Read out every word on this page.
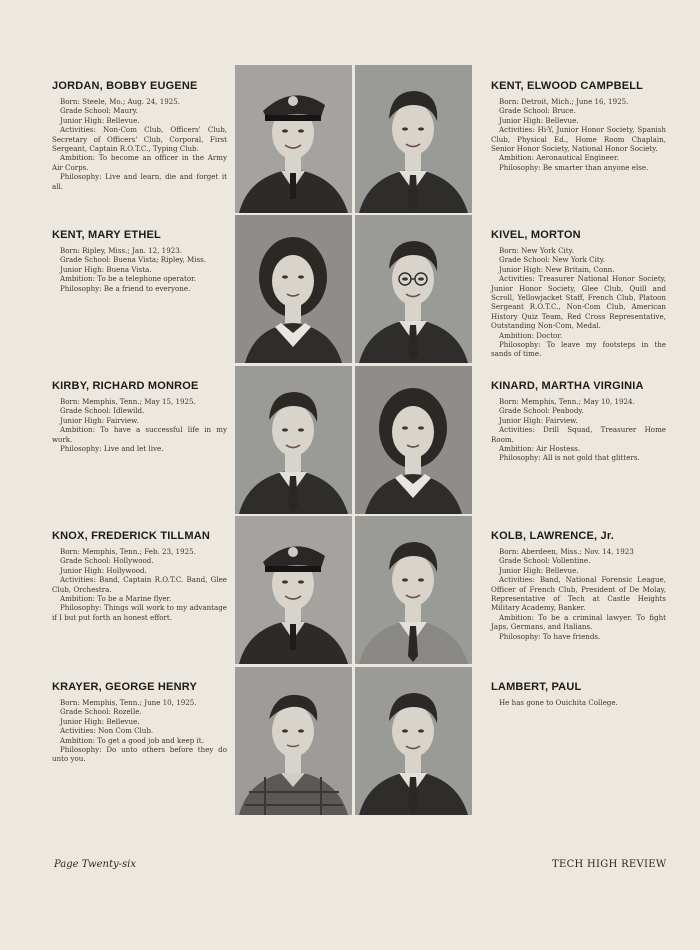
JORDAN, BOBBY EUGENE

Born: Steele, Mo.; Aug. 24, 1925.

Grade School: Maury.

Junior High: Bellevue.

Activities: Non-Com Club, Officers' Club, Secretary of Officers' Club, Corporal, First Sergeant, Captain R.O.T.C., Typing Club.

Ambition: To become an officer in the Army Air Corps.

Philosophy: Live and learn, die and forget it all.

KENT, ELWOOD CAMPBELL

Born: Detroit, Mich.; June 16, 1925.

Grade School: Bruce.

Junior High: Bellevue.

Activities: Hi-Y, Junior Honor Society, Spanish Club, Physical Ed., Home Room Chaplain, Senior Honor Society, National Honor Society.

Ambition: Aeronautical Engineer.

Philosophy: Be smarter than anyone else.

KENT, MARY ETHEL

Born: Ripley, Miss.; Jan. 12, 1923.

Grade School: Buena Vista; Ripley, Miss.

Junior High: Buena Vista.

Ambition: To be a telephone operator.

Philosophy: Be a friend to everyone.

KIVEL, MORTON

Born: New York City.

Grade School: New York City.

Junior High: New Britain, Conn.

Activities: Treasurer National Honor Society, Junior Honor Society, Glee Club, Quill and Scroll, Yellowjacket Staff, French Club, Platoon Sergeant R.O.T.C., Non-Com Club, American History Quiz Team, Red Cross Representative, Outstanding Non-Com, Medal.

Ambition: Doctor.

Philosophy: To leave my footsteps in the sands of time.

KIRBY, RICHARD MONROE

Born: Memphis, Tenn.; May 15, 1925.

Grade School: Idlewild.

Junior High: Fairview.

Ambition: To have a successful life in my work.

Philosophy: Live and let live.

KINARD, MARTHA VIRGINIA

Born: Memphis, Tenn.; May 10, 1924.

Grade School: Peabody.

Junior High: Fairview.

Activities: Drill Squad, Treasurer Home Room.

Ambition: Air Hostess.

Philosophy: All is not gold that glitters.

KNOX, FREDERICK TILLMAN

Born: Memphis, Tenn.; Feb. 23, 1925.

Grade School: Hollywood.

Junior High: Hollywood.

Activities: Band, Captain R.O.T.C. Band, Glee Club, Orchestra.

Ambition: To be a Marine flyer.

Philosophy: Things will work to my advantage if I but put forth an honest effort.

KOLB, LAWRENCE, Jr.

Born: Aberdeen, Miss.; Nov. 14, 1923

Grade School: Vollentine.

Junior High: Bellevue.

Activities: Band, National Forensic League, Officer of French Club, President of De Molay, Representative of Tech at Castle Heights Military Academy, Banker.

Ambition: To be a criminal lawyer. To fight Japs, Germans, and Italians.

Philosophy: To have friends.

KRAYER, GEORGE HENRY

Born: Memphis, Tenn.; June 10, 1925.

Grade School: Rozelle.

Junior High: Bellevue.

Activities: Non Com Club.

Ambition: To get a good job and keep it.

Philosophy: Do unto others before they do unto you.

LAMBERT, PAUL

He has gone to Ouichita College.

Page Twenty-six	TECH HIGH REVIEW
